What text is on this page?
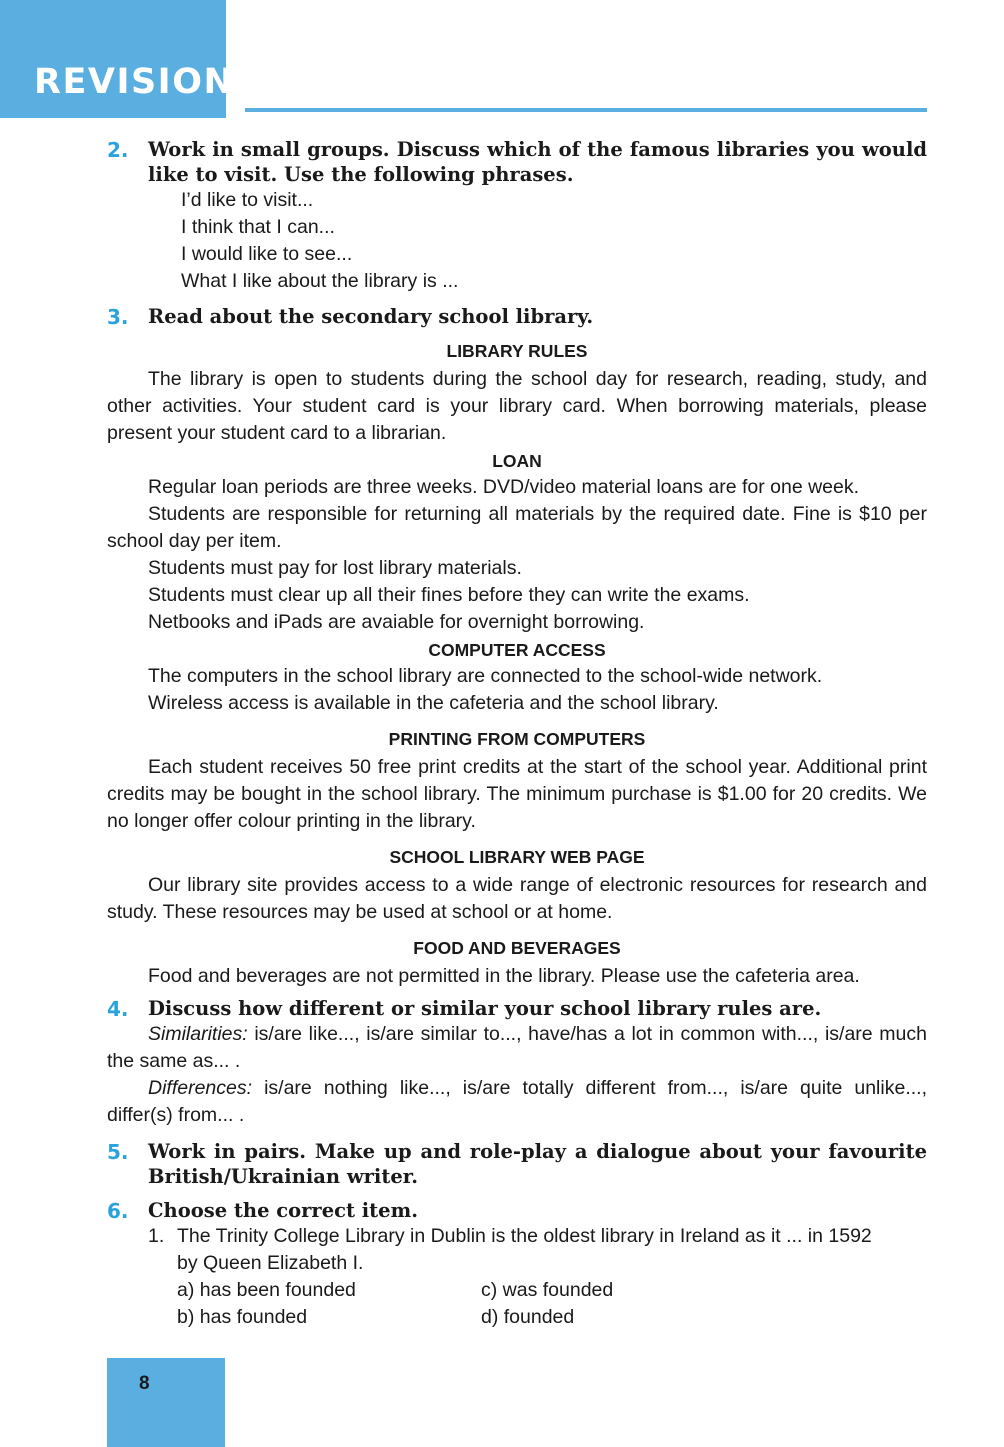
REVISION
2. Work in small groups. Discuss which of the famous libraries you would like to visit. Use the following phrases.
I’d like to visit...
I think that I can...
I would like to see...
What I like about the library is ...
3. Read about the secondary school library.
LIBRARY RULES
The library is open to students during the school day for research, reading, study, and other activities. Your student card is your library card. When borrowing materials, please present your student card to a librarian.
LOAN
Regular loan periods are three weeks. DVD/video material loans are for one week.
Students are responsible for returning all materials by the required date. Fine is $10 per school day per item.
Students must pay for lost library materials.
Students must clear up all their fines before they can write the exams.
Netbooks and iPads are avaiable for overnight borrowing.
COMPUTER ACCESS
The computers in the school library are connected to the school-wide network.
Wireless access is available in the cafeteria and the school library.
PRINTING FROM COMPUTERS
Each student receives 50 free print credits at the start of the school year. Additional print credits may be bought in the school library. The minimum purchase is $1.00 for 20 credits. We no longer offer colour printing in the library.
SCHOOL LIBRARY WEB PAGE
Our library site provides access to a wide range of electronic resources for research and study. These resources may be used at school or at home.
FOOD AND BEVERAGES
Food and beverages are not permitted in the library. Please use the cafeteria area.
4. Discuss how different or similar your school library rules are.
Similarities: is/are like..., is/are similar to..., have/has a lot in common with..., is/are much the same as... .
Differences: is/are nothing like..., is/are totally different from..., is/are quite unlike..., differ(s) from... .
5. Work in pairs. Make up and role-play a dialogue about your favourite British/Ukrainian writer.
6. Choose the correct item.
1. The Trinity College Library in Dublin is the oldest library in Ireland as it ... in 1592
by Queen Elizabeth I.
a) has been founded	c) was founded
b) has founded	d) founded
8
